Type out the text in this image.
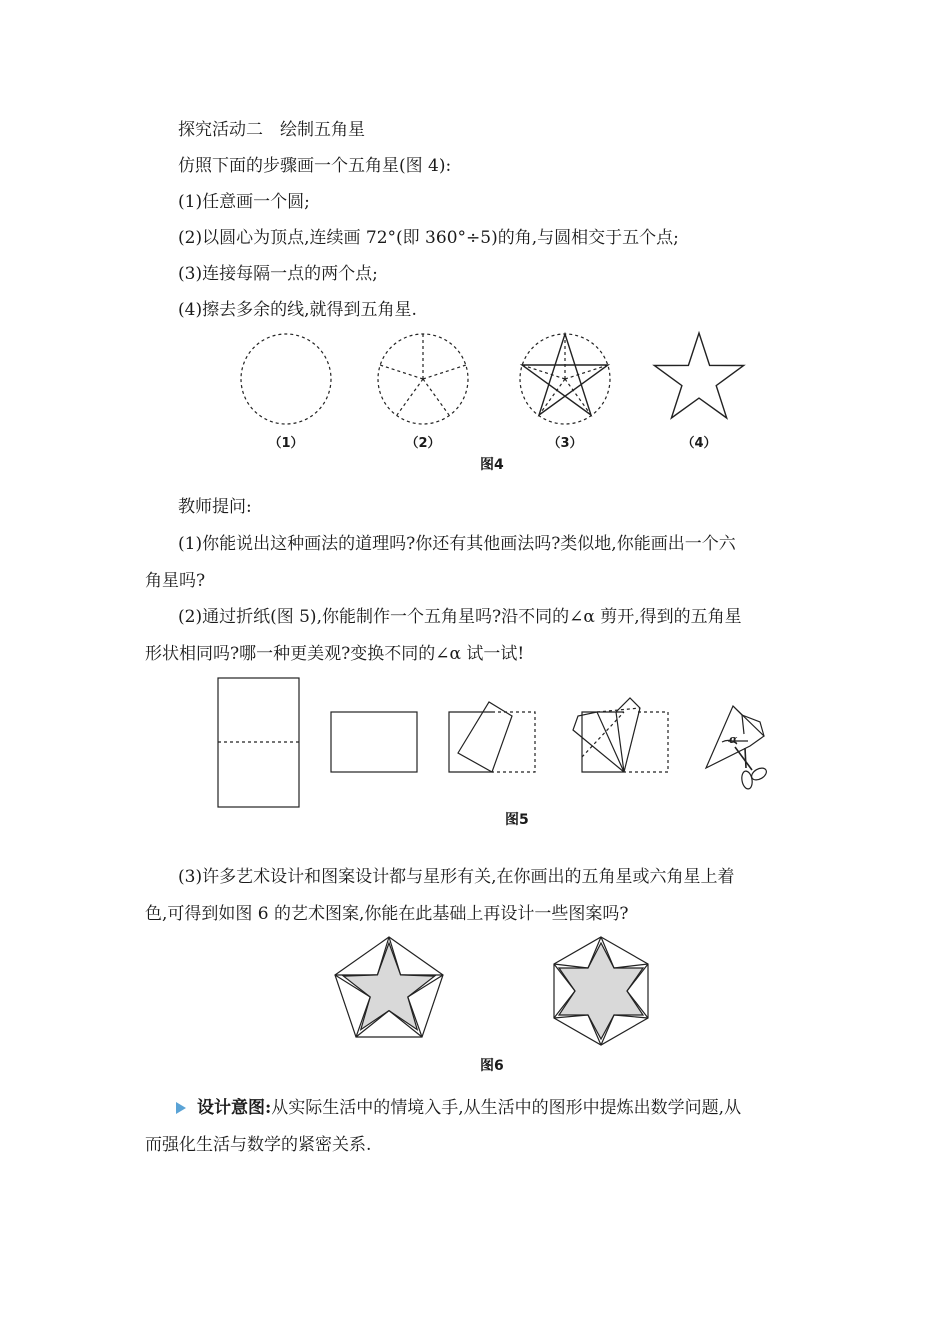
探究活动二　绘制五角星
仿照下面的步骤画一个五角星(图 4):
(1)任意画一个圆;
(2)以圆心为顶点,连续画 72°(即 360°÷5)的角,与圆相交于五个点;
(3)连接每隔一点的两个点;
(4)擦去多余的线,就得到五角星.
（1）	（2）	（3）	（4）
图4
教师提问:
(1)你能说出这种画法的道理吗?你还有其他画法吗?类似地,你能画出一个六
角星吗?
(2)通过折纸(图 5),你能制作一个五角星吗?沿不同的∠α 剪开,得到的五角星
形状相同吗?哪一种更美观?变换不同的∠α 试一试!
α
图5
(3)许多艺术设计和图案设计都与星形有关,在你画出的五角星或六角星上着
色,可得到如图 6 的艺术图案,你能在此基础上再设计一些图案吗?
图6
设计意图:从实际生活中的情境入手,从生活中的图形中提炼出数学问题,从
而强化生活与数学的紧密关系.
